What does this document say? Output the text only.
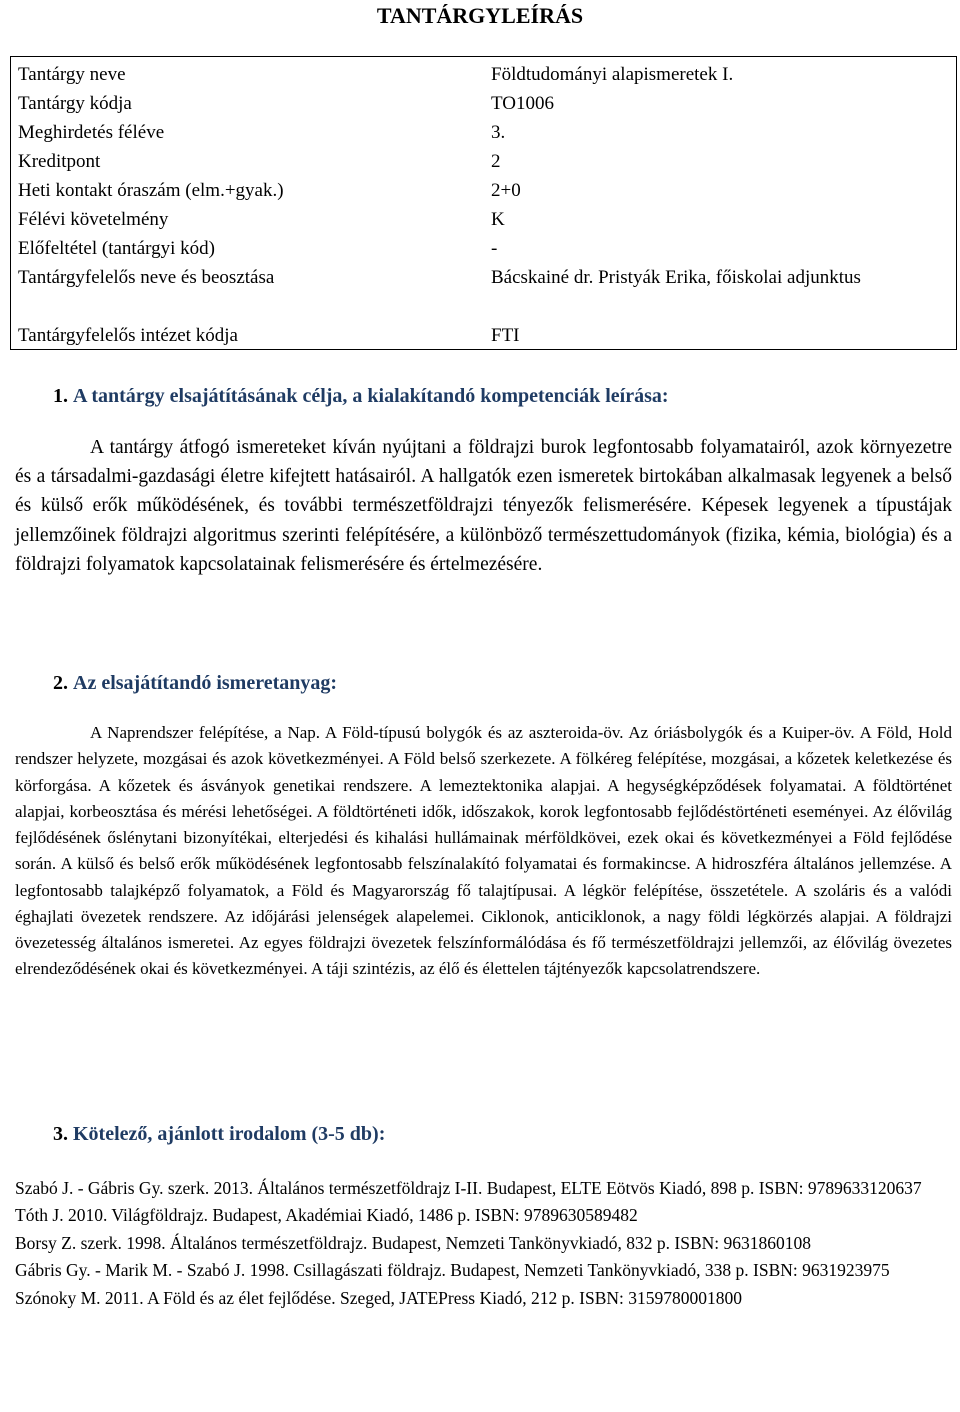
TANTÁRGYLEÍRÁS
Tantárgy neve	Földtudományi alapismeretek I.
Tantárgy kódja	TO1006
Meghirdetés féléve	3.
Kreditpont	2
Heti kontakt óraszám (elm.+gyak.)	2+0
Félévi követelmény	K
Előfeltétel (tantárgyi kód)	-
Tantárgyfelelős neve és beosztása	Bácskainé dr. Pristyák Erika, főiskolai adjunktus
Tantárgyfelelős intézet kódja	FTI
1. A tantárgy elsajátításának célja, a kialakítandó kompetenciák leírása:
A tantárgy átfogó ismereteket kíván nyújtani a földrajzi burok legfontosabb folyamatairól, azok környezetre és a társadalmi-gazdasági életre kifejtett hatásairól. A hallgatók ezen ismeretek birtokában alkalmasak legyenek a belső és külső erők működésének, és további természetföldrajzi tényezők felismerésére. Képesek legyenek a típustájak jellemzőinek földrajzi algoritmus szerinti felépítésére, a különböző természettudományok (fizika, kémia, biológia) és a földrajzi folyamatok kapcsolatainak felismerésére és értelmezésére.
2. Az elsajátítandó ismeretanyag:
A Naprendszer felépítése, a Nap. A Föld-típusú bolygók és az aszteroida-öv. Az óriásbolygók és a Kuiper-öv. A Föld, Hold rendszer helyzete, mozgásai és azok következményei. A Föld belső szerkezete. A fölkéreg felépítése, mozgásai, a kőzetek keletkezése és körforgása. A kőzetek és ásványok genetikai rendszere. A lemeztektonika alapjai. A hegységképződések folyamatai. A földtörténet alapjai, korbeosztása és mérési lehetőségei. A földtörténeti idők, időszakok, korok legfontosabb fejlődéstörténeti eseményei. Az élővilág fejlődésének őslénytani bizonyítékai, elterjedési és kihalási hullámainak mérföldkövei, ezek okai és következményei a Föld fejlődése során. A külső és belső erők működésének legfontosabb felszínalakító folyamatai és formakincse. A hidroszféra általános jellemzése. A legfontosabb talajképző folyamatok, a Föld és Magyarország fő talajtípusai. A légkör felépítése, összetétele. A szoláris és a valódi éghajlati övezetek rendszere. Az időjárási jelenségek alapelemei. Ciklonok, anticiklonok, a nagy földi légkörzés alapjai. A földrajzi övezetesség általános ismeretei. Az egyes földrajzi övezetek felszínformálódása és fő természetföldrajzi jellemzői, az élővilág övezetes elrendeződésének okai és következményei. A táji szintézis, az élő és élettelen tájtényezők kapcsolatrendszere.
3. Kötelező, ajánlott irodalom (3-5 db):
Szabó J. - Gábris Gy. szerk. 2013. Általános természetföldrajz I-II. Budapest, ELTE Eötvös Kiadó, 898 p. ISBN: 9789633120637
Tóth J. 2010. Világföldrajz. Budapest, Akadémiai Kiadó, 1486 p. ISBN: 9789630589482
Borsy Z. szerk. 1998. Általános természetföldrajz. Budapest, Nemzeti Tankönyvkiadó, 832 p. ISBN: 9631860108
Gábris Gy. - Marik M. - Szabó J. 1998. Csillagászati földrajz. Budapest, Nemzeti Tankönyvkiadó, 338 p. ISBN: 9631923975
Szónoky M. 2011. A Föld és az élet fejlődése. Szeged, JATEPress Kiadó, 212 p. ISBN: 3159780001800
